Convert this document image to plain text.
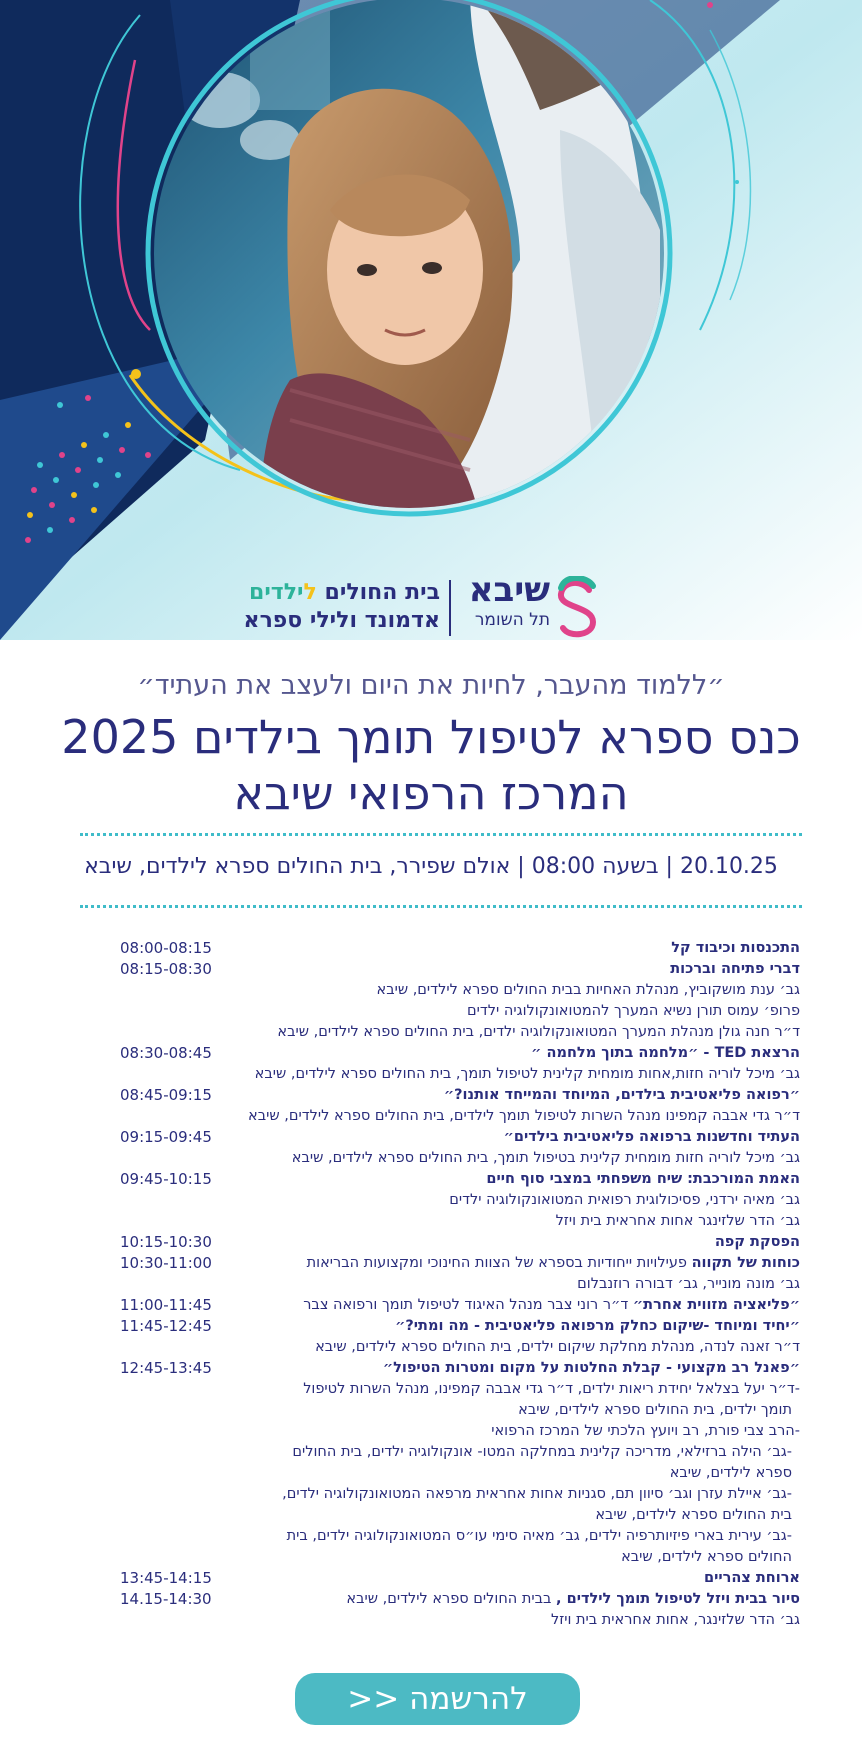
שיבא
תל השומר
בית החולים לילדים
אדמונד ולילי ספרא
״ללמוד מהעבר, לחיות את היום ולעצב את העתיד״
כנס ספרא לטיפול תומך בילדים 2025
המרכז הרפואי שיבא
20.10.25 | בשעה 08:00 | אולם שפירר, בית החולים ספרא לילדים, שיבא
התכנסות וכיבוד קל
08:00-08:15
דברי פתיחה וברכות
גב׳ ענת מושקוביץ, מנהלת האחיות בבית החולים ספרא לילדים, שיבא
פרופ׳ עמוס תורן נשיא המערך להמטואונקולוגיה ילדים
ד״ר חנה גולן מנהלת המערך המטואונקולוגיה ילדים, בית החולים ספרא לילדים, שיבא
08:15-08:30
הרצאת TED - ״מלחמה בתוך מלחמה ״
גב׳ מיכל לוריה חזות,אחות מומחית קלינית לטיפול תומך, בית החולים ספרא לילדים, שיבא
08:30-08:45
״רפואה פליאטיבית בילדים, המיוחד והמייחד אותנו?״
ד״ר גדי אבבה קמפינו מנהל השרות לטיפול תומך לילדים, בית החולים ספרא לילדים, שיבא
08:45-09:15
העתיד וחדשנות ברפואה פליאטיבית בילדים״
גב׳ מיכל לוריה חזות מומחית קלינית בטיפול תומך, בית החולים ספרא לילדים, שיבא
09:15-09:45
האמת המורכבת: שיח משפחתי במצבי סוף חיים
גב׳ מאיה ירדני, פסיכולוגית רפואית המטואונקולוגיה ילדים
גב׳ הדר שלזינגר אחות אחראית בית ויזל
09:45-10:15
הפסקת קפה
10:15-10:30
כוחות של תקווה פעילויות ייחודיות בספרא של הצוות החינוכי ומקצועות הבריאות
גב׳ מונה מונייר, גב׳ דבורה רוזנבלום
10:30-11:00
״פליאציה מזווית אחרת״ ד״ר רוני צבר מנהל האיגוד לטיפול תומך ורפואה צבר
11:00-11:45
״יחיד ומיוחד -שיקום כחלק מרפואה פליאטיבית - מה ומתי?״
ד״ר זאנה לנדה, מנהלת מחלקת שיקום ילדים, בית החולים ספרא לילדים, שיבא
11:45-12:45
״פאנל רב מקצועי - קבלת החלטות על מקום ומטרות הטיפול״
-ד״ר יעל בצלאל יחידת ריאות ילדים, ד״ר גדי אבבה קמפינו, מנהל השרות לטיפול
תומך ילדים, בית החולים ספרא לילדים, שיבא
-הרב צבי פורת, רב ויועץ הלכתי של המרכז הרפואי
-גב׳ הילה ברזילאי, מדריכה קלינית במחלקה המטו- אונקולוגיה ילדים, בית החולים
ספרא לילדים, שיבא
-גב׳ איילת עזרן וגב׳ סיוון תם, סגניות אחות אחראית מרפאה המטואונקולוגיה ילדים,
בית החולים ספרא לילדים, שיבא
-גב׳ עירית בארי פיזיותרפיה ילדים, גב׳ מאיה סימי עו״ס המטואונקולוגיה ילדים, בית
החולים ספרא לילדים, שיבא
12:45-13:45
ארוחת צהריים
13:45-14:15
סיור בבית ויזל לטיפול תומך לילדים , בבית החולים ספרא לילדים, שיבא
גב׳ הדר שלזינגר, אחות אחראית בית ויזל
14.15-14:30
להרשמה <<
